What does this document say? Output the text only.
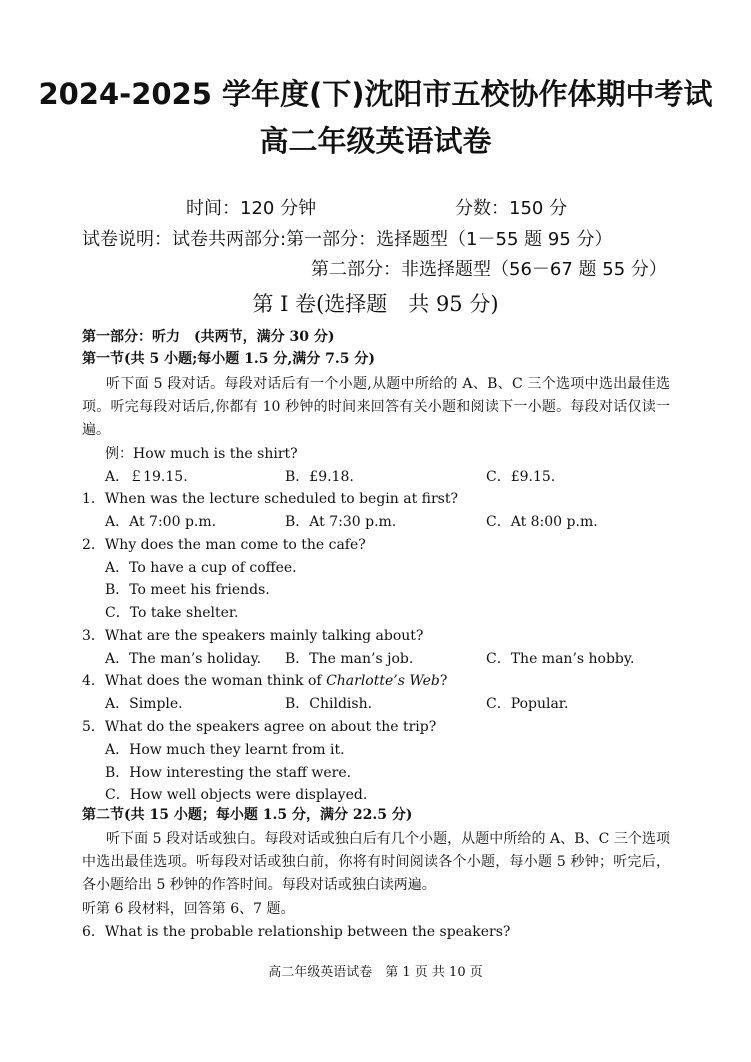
2024-2025 学年度(下)沈阳市五校协作体期中考试
高二年级英语试卷
时间：120 分钟	分数：150 分
试卷说明：试卷共两部分:第一部分：选择题型（1－55 题 95 分）
第二部分：非选择题型（56－67 题 55 分）
第 I 卷(选择题　共 95 分)
第一部分：听力　(共两节，满分 30 分)
第一节(共 5 小题;每小题 1.5 分,满分 7.5 分)
听下面 5 段对话。每段对话后有一个小题,从题中所给的 A、B、C 三个选项中选出最佳选项。听完每段对话后,你都有 10 秒钟的时间来回答有关小题和阅读下一小题。每段对话仅读一遍。
例：How much is the shirt?
A．￡19.15.	B．£9.18.	C．£9.15.
1．When was the lecture scheduled to begin at first?
A．At 7:00 p.m.	B．At 7:30 p.m.	C．At 8:00 p.m.
2．Why does the man come to the cafe?
A．To have a cup of coffee.
B．To meet his friends.
C．To take shelter.
3．What are the speakers mainly talking about?
A．The man’s holiday. B．The man’s job.	C．The man’s hobby.
4．What does the woman think of Charlotte’s Web?
A．Simple.	B．Childish.	C．Popular.
5．What do the speakers agree on about the trip?
A．How much they learnt from it.
B．How interesting the staff were.
C．How well objects were displayed.
第二节(共 15 小题；每小题 1.5 分，满分 22.5 分)
听下面 5 段对话或独白。每段对话或独白后有几个小题，从题中所给的 A、B、C 三个选项中选出最佳选项。听每段对话或独白前，你将有时间阅读各个小题，每小题 5 秒钟；听完后，各小题给出 5 秒钟的作答时间。每段对话或独白读两遍。
听第 6 段材料，回答第 6、7 题。
6．What is the probable relationship between the speakers?
高二年级英语试卷　第 1 页 共 10 页
